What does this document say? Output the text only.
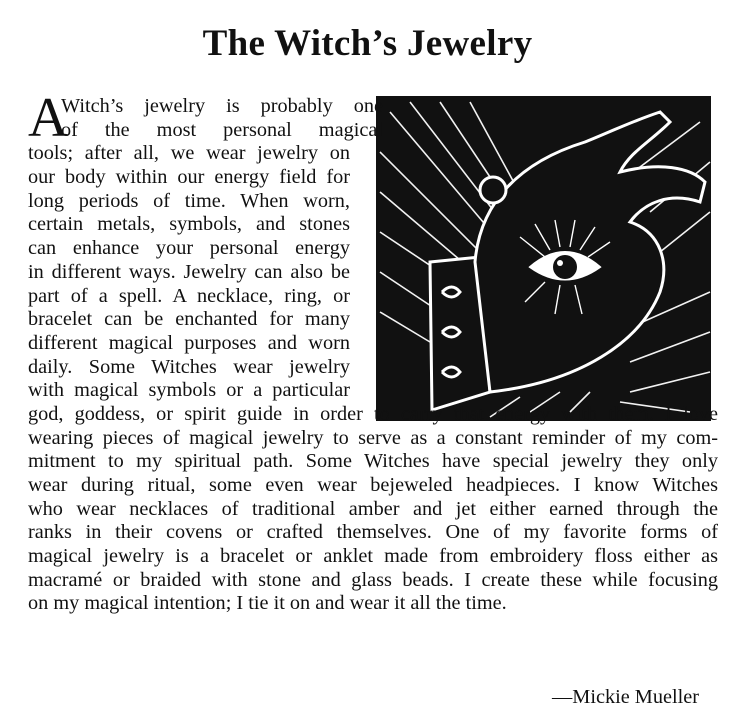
The Witch’s Jewelry
A
Witch’s jewelry is probably one
of the most personal magical
tools; after all, we wear jewelry on
our body within our energy field for
long periods of time. When worn,
certain metals, symbols, and stones
can enhance your personal energy
in different ways. Jewelry can also be
part of a spell. A necklace, ring, or
bracelet can be enchanted for many
different magical purposes and worn
daily. Some Witches wear jewelry
with magical symbols or a particular
god, goddess, or spirit guide in order to carry that energy with them. I love
wearing pieces of magical jewelry to serve as a constant reminder of my com-
mitment to my spiritual path. Some Witches have special jewelry they only
wear during ritual, some even wear bejeweled headpieces. I know Witches
who wear necklaces of traditional amber and jet either earned through the
ranks in their covens or crafted themselves. One of my favorite forms of
magical jewelry is a bracelet or anklet made from embroidery floss either as
macramé or braided with stone and glass beads. I create these while focusing
on my magical intention; I tie it on and wear it all the time.
—Mickie Mueller
